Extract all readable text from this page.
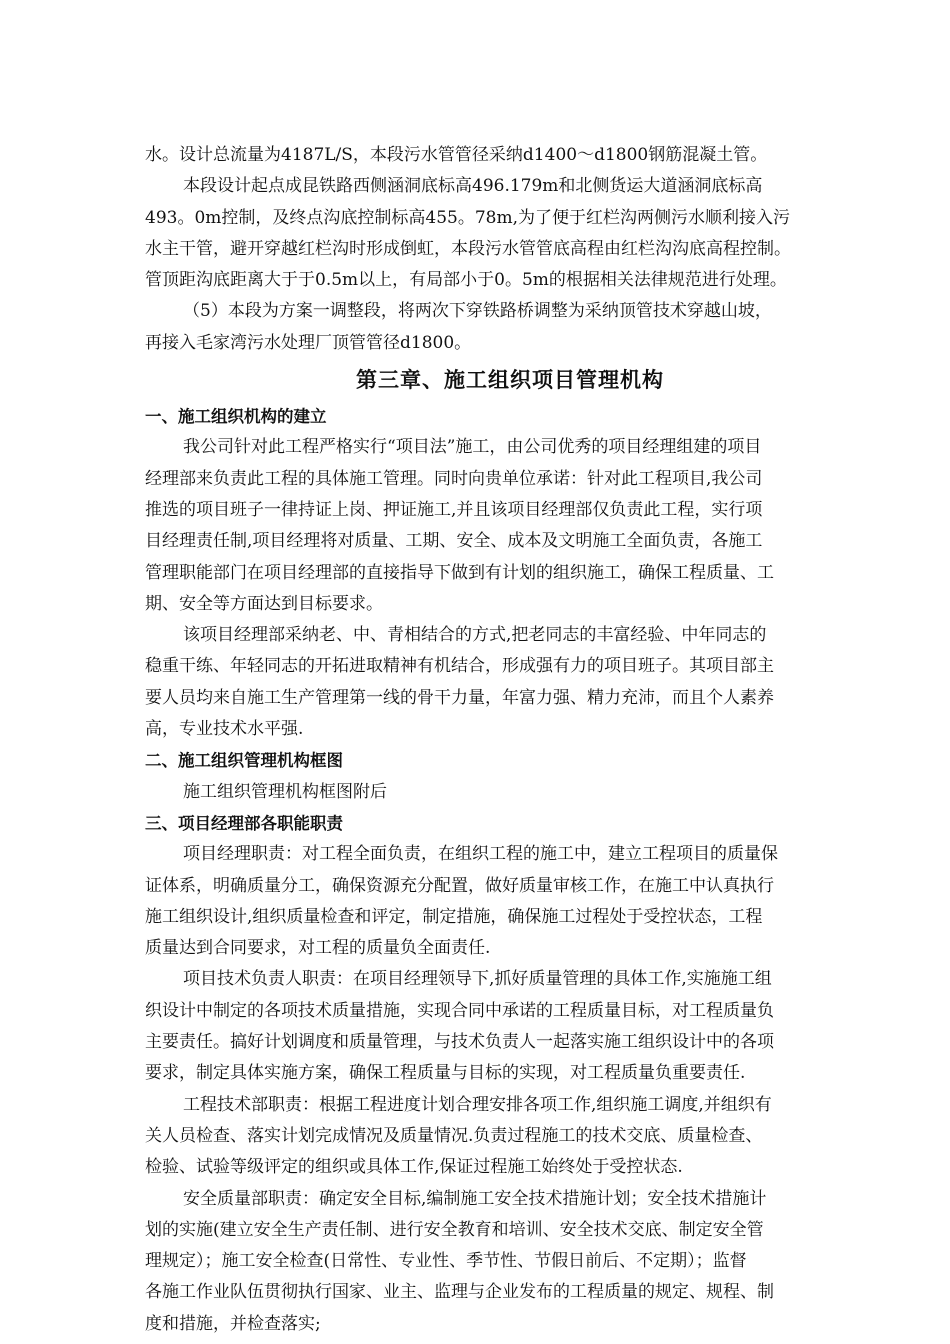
水。设计总流量为4187L/S，本段污水管管径采纳d1400～d1800钢筋混凝土管。
本段设计起点成昆铁路西侧涵洞底标高496.179m和北侧货运大道涵洞底标高
493。0m控制，及终点沟底控制标高455。78m,为了便于红栏沟两侧污水顺利接入污
水主干管，避开穿越红栏沟时形成倒虹，本段污水管管底高程由红栏沟沟底高程控制。
管顶距沟底距离大于于0.5m以上，有局部小于0。5m的根据相关法律规范进行处理。
（5）本段为方案一调整段，将两次下穿铁路桥调整为采纳顶管技术穿越山坡，
再接入毛家湾污水处理厂顶管管径d1800。
第三章、施工组织项目管理机构
一、施工组织机构的建立
我公司针对此工程严格实行“项目法”施工，由公司优秀的项目经理组建的项目
经理部来负责此工程的具体施工管理。同时向贵单位承诺：针对此工程项目,我公司
推选的项目班子一律持证上岗、押证施工,并且该项目经理部仅负责此工程，实行项
目经理责任制,项目经理将对质量、工期、安全、成本及文明施工全面负责，各施工
管理职能部门在项目经理部的直接指导下做到有计划的组织施工，确保工程质量、工
期、安全等方面达到目标要求。
该项目经理部采纳老、中、青相结合的方式,把老同志的丰富经验、中年同志的
稳重干练、年轻同志的开拓进取精神有机结合，形成强有力的项目班子。其项目部主
要人员均来自施工生产管理第一线的骨干力量，年富力强、精力充沛，而且个人素养
高，专业技术水平强.
二、施工组织管理机构框图
施工组织管理机构框图附后
三、项目经理部各职能职责
项目经理职责：对工程全面负责，在组织工程的施工中，建立工程项目的质量保
证体系，明确质量分工，确保资源充分配置，做好质量审核工作，在施工中认真执行
施工组织设计,组织质量检查和评定，制定措施，确保施工过程处于受控状态，工程
质量达到合同要求，对工程的质量负全面责任.
项目技术负责人职责：在项目经理领导下,抓好质量管理的具体工作,实施施工组
织设计中制定的各项技术质量措施，实现合同中承诺的工程质量目标，对工程质量负
主要责任。搞好计划调度和质量管理，与技术负责人一起落实施工组织设计中的各项
要求，制定具体实施方案，确保工程质量与目标的实现，对工程质量负重要责任.
工程技术部职责：根据工程进度计划合理安排各项工作,组织施工调度,并组织有
关人员检查、落实计划完成情况及质量情况.负责过程施工的技术交底、质量检查、
检验、试验等级评定的组织或具体工作,保证过程施工始终处于受控状态.
安全质量部职责：确定安全目标,编制施工安全技术措施计划；安全技术措施计
划的实施(建立安全生产责任制、进行安全教育和培训、安全技术交底、制定安全管
理规定）；施工安全检查(日常性、专业性、季节性、节假日前后、不定期）；监督
各施工作业队伍贯彻执行国家、业主、监理与企业发布的工程质量的规定、规程、制
度和措施，并检查落实;
